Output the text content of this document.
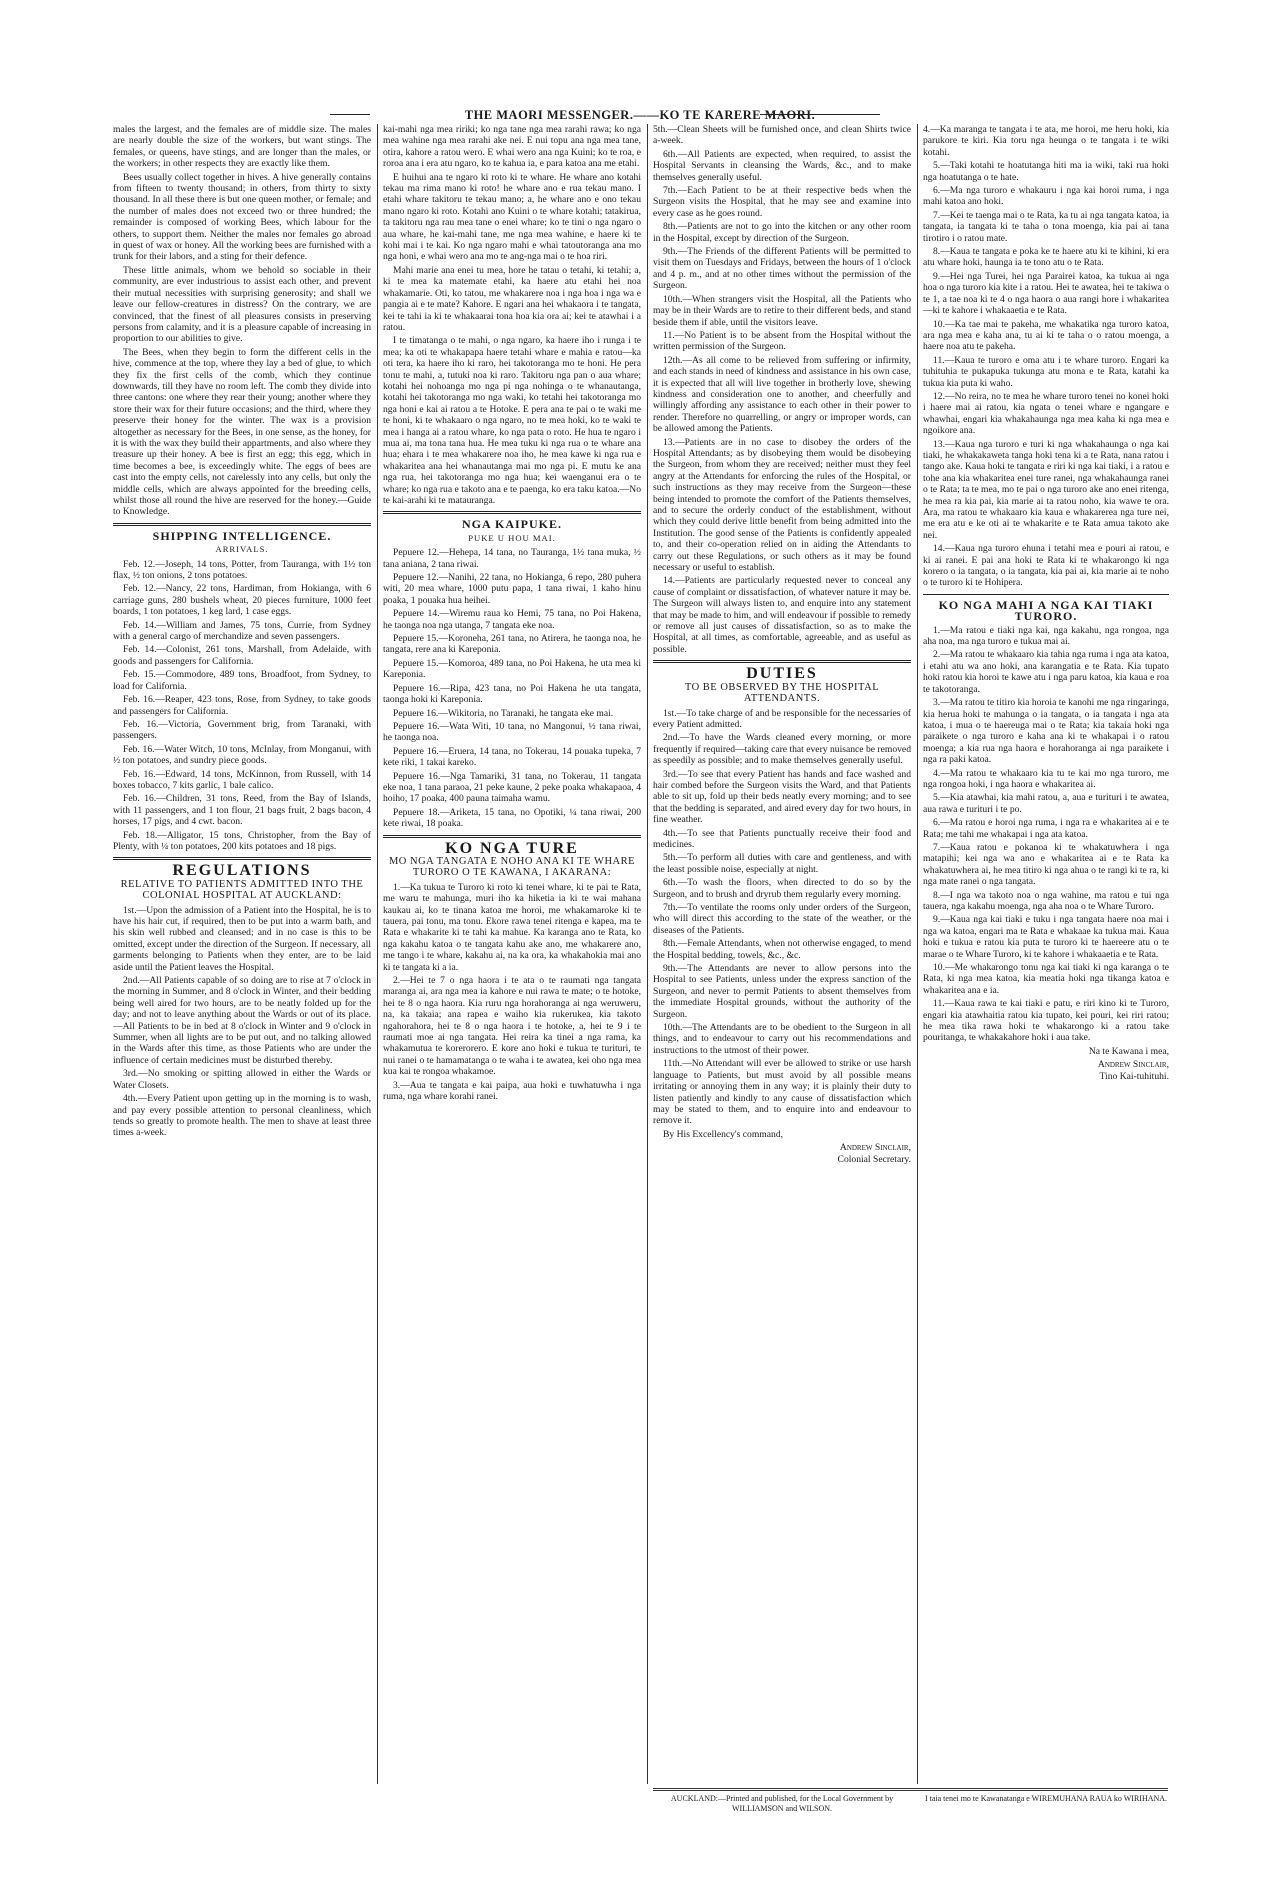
THE MAORI MESSENGER.——KO TE KARERE MAORI.

males the largest, and the females are of middle size. The males are nearly double the size of the workers, but want stings. The females, or queens, have stings, and are longer than the males, or the workers; in other respects they are exactly like them.

Bees usually collect together in hives. A hive generally contains from fifteen to twenty thousand; in others, from thirty to sixty thousand. In all these there is but one queen mother, or female; and the number of males does not exceed two or three hundred; the remainder is composed of working Bees, which labour for the others, to support them. Neither the males nor females go abroad in quest of wax or honey. All the working bees are furnished with a trunk for their labors, and a sting for their defence.

These little animals, whom we behold so sociable in their community, are ever industrious to assist each other, and prevent their mutual necessities with surprising generosity; and shall we leave our fellow-creatures in distress? On the contrary, we are convinced, that the finest of all pleasures consists in preserving persons from calamity, and it is a pleasure capable of increasing in proportion to our abilities to give.

The Bees, when they begin to form the different cells in the hive, commence at the top, where they lay a bed of glue, to which they fix the first cells of the comb, which they continue downwards, till they have no room left. The comb they divide into three cantons: one where they rear their young; another where they store their wax for their future occasions; and the third, where they preserve their honey for the winter. The wax is a provision altogether as necessary for the Bees, in one sense, as the honey, for it is with the wax they build their appartments, and also where they treasure up their honey. A bee is first an egg; this egg, which in time becomes a bee, is exceedingly white. The eggs of bees are cast into the empty cells, not carelessly into any cells, but only the middle cells, which are always appointed for the breeding cells, whilst those all round the hive are reserved for the honey.—Guide to Knowledge.

SHIPPING INTELLIGENCE.
ARRIVALS.

Feb. 12.—Joseph, 14 tons, Potter, from Tauranga, with 1½ ton flax, ½ ton onions, 2 tons potatoes.

Feb. 12.—Nancy, 22 tons, Hardiman, from Hokianga, with 6 carriage guns, 280 bushels wheat, 20 pieces furniture, 1000 feet boards, 1 ton potatoes, 1 keg lard, 1 case eggs.

Feb. 14.—William and James, 75 tons, Currie, from Sydney with a general cargo of merchandize and seven passengers.

Feb. 14.—Colonist, 261 tons, Marshall, from Adelaide, with goods and passengers for California.

Feb. 15.—Commodore, 489 tons, Broadfoot, from Sydney, to load for California.

Feb. 16.—Reaper, 423 tons, Rose, from Sydney, to take goods and passengers for California.

Feb. 16.—Victoria, Government brig, from Taranaki, with passengers.

Feb. 16.—Water Witch, 10 tons, McInlay, from Monganui, with ½ ton potatoes, and sundry piece goods.

Feb. 16.—Edward, 14 tons, McKinnon, from Russell, with 14 boxes tobacco, 7 kits garlic, 1 bale calico.

Feb. 16.—Children, 31 tons, Reed, from the Bay of Islands, with 11 passengers, and 1 ton flour, 21 bags fruit, 2 bags bacon, 4 horses, 17 pigs, and 4 cwt. bacon.

Feb. 18.—Alligator, 15 tons, Christopher, from the Bay of Plenty, with ¼ ton potatoes, 200 kits potatoes and 18 pigs.

REGULATIONS
RELATIVE TO PATIENTS ADMITTED INTO THE COLONIAL HOSPITAL AT AUCKLAND:

1st.—Upon the admission of a Patient into the Hospital, he is to have his hair cut, if required, then to be put into a warm bath, and his skin well rubbed and cleansed; and in no case is this to be omitted, except under the direction of the Surgeon. If necessary, all garments belonging to Patients when they enter, are to be laid aside until the Patient leaves the Hospital.

2nd.—All Patients capable of so doing are to rise at 7 o'clock in the morning in Summer, and 8 o'clock in Winter, and their bedding being well aired for two hours, are to be neatly folded up for the day; and not to leave anything about the Wards or out of its place.—All Patients to be in bed at 8 o'clock in Winter and 9 o'clock in Summer, when all lights are to be put out, and no talking allowed in the Wards after this time, as those Patients who are under the influence of certain medicines must be disturbed thereby.

3rd.—No smoking or spitting allowed in either the Wards or Water Closets.

4th.—Every Patient upon getting up in the morning is to wash, and pay every possible attention to personal cleanliness, which tends so greatly to promote health. The men to shave at least three times a-week.

kai-mahi nga mea ririki; ko nga tane nga mea rarahi rawa; ko nga mea wahine nga mea rarahi ake nei. E nui topu ana nga mea tane, otira, kahore a ratou wero. E whai wero ana nga Kuini; ko te roa, e roroa ana i era atu ngaro, ko te kahua ia, e para katoa ana me etahi.

E huihui ana te ngaro ki roto ki te whare. He whare ano kotahi tekau ma rima mano ki roto! he whare ano e rua tekau mano. I etahi whare takitoru te tekau mano; a, he whare ano e ono tekau mano ngaro ki roto. Kotahi ano Kuini o te whare kotahi; tatakirua, ta takitoru nga rau mea tane o enei whare; ko te tini o nga ngaro o aua whare, he kai-mahi tane, me nga mea wahine, e haere ki te kohi mai i te kai. Ko nga ngaro mahi e whai tatoutoranga ana mo nga honi, e whai wero ana mo te ang-nga mai o te hoa riri.

Mahi marie ana enei tu mea, hore he tatau o tetahi, ki tetahi; a, ki te mea ka matemate etahi, ka haere atu etahi hei noa whakamarie. Oti, ko tatou, me whakarere noa i nga hoa i nga wa e pangia ai e te mate? Kahore. E ngari ana hei whakaora i te tangata, kei te tahi ia ki te whakaarai tona hoa kia ora ai; kei te atawhai i a ratou.

I te timatanga o te mahi, o nga ngaro, ka haere iho i runga i te mea; ka oti te whakapapa haere tetahi whare e mahia e ratou—ka oti tera, ka haere iho ki raro, hei takotoranga mo te honi. He pera tonu te mahi, a, tutuki noa ki raro. Takitoru nga pan o aua whare; kotahi hei nohoanga mo nga pi nga nohinga o te whanautanga, kotahi hei takotoranga mo nga waki, ko tetahi hei takotoranga mo nga honi e kai ai ratou a te Hotoke. E pera ana te pai o te waki me te honi, ki te whakaaro o nga ngaro, no te mea hoki, ko te waki te mea i hanga ai a ratou whare, ko nga pata o roto. He hua te ngaro i mua ai, ma tona tana hua. He mea tuku ki nga rua o te whare ana hua; ehara i te mea whakarere noa iho, he mea kawe ki nga rua e whakaritea ana hei whanautanga mai mo nga pi. E mutu ke ana nga rua, hei takotoranga mo nga hua; kei waenganui era o te whare; ko nga rua e takoto ana e te paenga, ko era taku katoa.—No te kai-arahi ki te matauranga.

NGA KAIPUKE.
PUKE U HOU MAI.

Pepuere 12.—Hehepa, 14 tana, no Tauranga, 1½ tana muka, ½ tana aniana, 2 tana riwai.

Pepuere 12.—Nanihi, 22 tana, no Hokianga, 6 repo, 280 puhera witi, 20 mea whare, 1000 putu papa, 1 tana riwai, 1 kaho hinu poaka, 1 pouaka hua heihei.

Pepuere 14.—Wiremu raua ko Hemi, 75 tana, no Poi Hakena, he taonga noa nga utanga, 7 tangata eke noa.

Pepuere 15.—Koroneha, 261 tana, no Atirera, he taonga noa, he tangata, rere ana ki Kareponia.

Pepuere 15.—Komoroa, 489 tana, no Poi Hakena, he uta mea ki Kareponia.

Pepuere 16.—Ripa, 423 tana, no Poi Hakena he uta tangata, taonga hoki ki Kareponia.

Pepuere 16.—Wikitoria, no Taranaki, he tangata eke mai.

Pepuere 16.—Wata Witi, 10 tana, no Mangonui, ½ tana riwai, he taonga noa.

Pepuere 16.—Eruera, 14 tana, no Tokerau, 14 pouaka tupeka, 7 kete riki, 1 takai kareko.

Pepuere 16.—Nga Tamariki, 31 tana, no Tokerau, 11 tangata eke noa, 1 tana paraoa, 21 peke kaune, 2 peke poaka whakapaoa, 4 hoiho, 17 poaka, 400 pauna taimaha wamu.

Pepuere 18.—Ariketa, 15 tana, no Opotiki, ¼ tana riwai, 200 kete riwai, 18 poaka.

KO NGA TURE
MO NGA TANGATA E NOHO ANA KI TE WHARE TURORO O TE KAWANA, I AKARANA:

1.—Ka tukua te Turoro ki roto ki tenei whare, ki te pai te Rata, me waru te mahunga, muri iho ka hiketia ia ki te wai mahana kaukau ai, ko te tinana katoa me horoi, me whakamaroke ki te tauera, pai tonu, ma tonu. Ekore rawa tenei ritenga e kapea, ma te Rata e whakarite ki te tahi ka mahue. Ka karanga ano te Rata, ko nga kakahu katoa o te tangata kahu ake ano, me whakarere ano, me tango i te whare, kakahu ai, na ka ora, ka whakahokia mai ano ki te tangata ki a ia.

2.—Hei te 7 o nga haora i te ata o te raumati nga tangata maranga ai, ara nga mea ia kahore e nui rawa te mate; o te hotoke, hei te 8 o nga haora. Kia ruru nga horahoranga ai nga weruweru, na, ka takaia; ana rapea e waiho kia rukerukea, kia takoto ngahorahora, hei te 8 o nga haora i te hotoke, a, hei te 9 i te raumati moe ai nga tangata. Hei reira ka tinei a nga rama, ka whakamutua te korerorero. E kore ano hoki e tukua te turituri, te nui ranei o te hamamatanga o te waha i te awatea, kei oho nga mea kua kai te rongoa whakamoe.

3.—Aua te tangata e kai paipa, aua hoki e tuwhatuwha i nga ruma, nga whare korahi ranei.

5th.—Clean Sheets will be furnished once, and clean Shirts twice a-week.

6th.—All Patients are expected, when required, to assist the Hospital Servants in cleansing the Wards, &c., and to make themselves generally useful.

7th.—Each Patient to be at their respective beds when the Surgeon visits the Hospital, that he may see and examine into every case as he goes round.

8th.—Patients are not to go into the kitchen or any other room in the Hospital, except by direction of the Surgeon.

9th.—The Friends of the different Patients will be permitted to visit them on Tuesdays and Fridays, between the hours of 1 o'clock and 4 p. m., and at no other times without the permission of the Surgeon.

10th.—When strangers visit the Hospital, all the Patients who may be in their Wards are to retire to their different beds, and stand beside them if able, until the visitors leave.

11.—No Patient is to be absent from the Hospital without the written permission of the Surgeon.

12th.—As all come to be relieved from suffering or infirmity, and each stands in need of kindness and assistance in his own case, it is expected that all will live together in brotherly love, shewing kindness and consideration one to another, and cheerfully and willingly affording any assistance to each other in their power to render. Therefore no quarrelling, or angry or improper words, can be allowed among the Patients.

13.—Patients are in no case to disobey the orders of the Hospital Attendants; as by disobeying them would be disobeying the Surgeon, from whom they are received; neither must they feel angry at the Attendants for enforcing the rules of the Hospital, or such instructions as they may receive from the Surgeon—these being intended to promote the comfort of the Patients themselves, and to secure the orderly conduct of the establishment, without which they could derive little benefit from being admitted into the Institution. The good sense of the Patients is confidently appealed to, and their co-operation relied on in aiding the Attendants to carry out these Regulations, or such others as it may be found necessary or useful to establish.

14.—Patients are particularly requested never to conceal any cause of complaint or dissatisfaction, of whatever nature it may be. The Surgeon will always listen to, and enquire into any statement that may be made to him, and will endeavour if possible to remedy or remove all just causes of dissatisfaction, so as to make the Hospital, at all times, as comfortable, agreeable, and as useful as possible.

DUTIES
TO BE OBSERVED BY THE HOSPITAL ATTENDANTS.

1st.—To take charge of and be responsible for the necessaries of every Patient admitted.

2nd.—To have the Wards cleaned every morning, or more frequently if required—taking care that every nuisance be removed as speedily as possible; and to make themselves generally useful.

3rd.—To see that every Patient has hands and face washed and hair combed before the Surgeon visits the Ward, and that Patients able to sit up, fold up their beds neatly every morning; and to see that the bedding is separated, and aired every day for two hours, in fine weather.

4th.—To see that Patients punctually receive their food and medicines.

5th.—To perform all duties with care and gentleness, and with the least possible noise, especially at night.

6th.—To wash the floors, when directed to do so by the Surgeon, and to brush and dryrub them regularly every morning.

7th.—To ventilate the rooms only under orders of the Surgeon, who will direct this according to the state of the weather, or the diseases of the Patients.

8th.—Female Attendants, when not otherwise engaged, to mend the Hospital bedding, towels, &c., &c.

9th.—The Attendants are never to allow persons into the Hospital to see Patients, unless under the express sanction of the Surgeon, and never to permit Patients to absent themselves from the immediate Hospital grounds, without the authority of the Surgeon.

10th.—The Attendants are to be obedient to the Surgeon in all things, and to endeavour to carry out his recommendations and instructions to the utmost of their power.

11th.—No Attendant will ever be allowed to strike or use harsh language to Patients, but must avoid by all possible means irritating or annoying them in any way; it is plainly their duty to listen patiently and kindly to any cause of dissatisfaction which may be stated to them, and to enquire into and endeavour to remove it.

By His Excellency's command,

Andrew Sinclair,
Colonial Secretary.

4.—Ka maranga te tangata i te ata, me horoi, me heru hoki, kia parukore te kiri. Kia toru nga heunga o te tangata i te wiki kotahi.

5.—Taki kotahi te hoatutanga hiti ma ia wiki, taki rua hoki nga hoatutanga o te hate.

6.—Ma nga turoro e whakauru i nga kai horoi ruma, i nga mahi katoa ano hoki.

7.—Kei te taenga mai o te Rata, ka tu ai nga tangata katoa, ia tangata, ia tangata ki te taha o tona moenga, kia pai ai tana tirotiro i o ratou mate.

8.—Kaua te tangata e poka ke te haere atu ki te kihini, ki era atu whare hoki, haunga ia te tono atu o te Rata.

9.—Hei nga Turei, hei nga Parairei katoa, ka tukua ai nga hoa o nga turoro kia kite i a ratou. Hei te awatea, hei te takiwa o te 1, a tae noa ki te 4 o nga haora o aua rangi hore i whakaritea—ki te kahore i whakaaetia e te Rata.

10.—Ka tae mai te pakeha, me whakatika nga turoro katoa, ara nga mea e kaha ana, tu ai ki te taha o o ratou moenga, a haere noa atu te pakeha.

11.—Kaua te turoro e oma atu i te whare turoro. Engari ka tuhituhia te pukapuka tukunga atu mona e te Rata, katahi ka tukua kia puta ki waho.

12.—No reira, no te mea he whare turoro tenei no konei hoki i haere mai ai ratou, kia ngata o tenei whare e ngangare e whawhai, engari kia whakahaunga nga mea kaha ki nga mea e ngoikore ana.

13.—Kaua nga turoro e turi ki nga whakahaunga o nga kai tiaki, he whakakaweta tanga hoki tena ki a te Rata, nana ratou i tango ake. Kaua hoki te tangata e riri ki nga kai tiaki, i a ratou e tohe ana kia whakaritea enei ture ranei, nga whakahaunga ranei o te Rata; ta te mea, mo te pai o nga turoro ake ano enei ritenga, he mea ra kia pai, kia marie ai ta ratou noho, kia wawe te ora. Ara, ma ratou te whakaaro kia kaua e whakarerea nga ture nei, me era atu e ke oti ai te whakarite e te Rata amua takoto ake nei.

14.—Kaua nga turoro ehuna i tetahi mea e pouri ai ratou, e ki ai ranei. E pai ana hoki te Rata ki te whakarongo ki nga korero o ia tangata, o ia tangata, kia pai ai, kia marie ai te noho o te turoro ki te Hohipera.

KO NGA MAHI A NGA KAI TIAKI TURORO.

1.—Ma ratou e tiaki nga kai, nga kakahu, nga rongoa, nga aha noa, ma nga turoro e tukua mai ai.

2.—Ma ratou te whakaaro kia tahia nga ruma i nga ata katoa, i etahi atu wa ano hoki, ana karangatia e te Rata. Kia tupato hoki ratou kia horoi te kawe atu i nga paru katoa, kia kaua e roa te takotoranga.

3.—Ma ratou te titiro kia horoia te kanohi me nga ringaringa, kia heruа hoki te mahunga o ia tangata, o ia tangata i nga ata katoa, i mua o te haereuga mai o te Rata; kia takaia hoki nga paraikete o nga turoro e kaha ana ki te whakapai i o ratou moenga; a kia rua nga haora e horahoranga ai nga paraikete i nga ra paki katoa.

4.—Ma ratou te whakaaro kia tu te kai mo nga turoro, me nga rongoa hoki, i nga haora e whakaritea ai.

5.—Kia atawhai, kia mahi ratou, a, aua e turituri i te awatea, aua rawa e turituri i te po.

6.—Ma ratou e horoi nga ruma, i nga ra e whakaritea ai e te Rata; me tahi me whakapai i nga ata katoa.

7.—Kaua ratou e pokanoa ki te whakatuwhera i nga matapihi; kei nga wa ano e whakaritea ai e te Rata ka whakatuwhera ai, he mea titiro ki nga ahua o te rangi ki te ra, ki nga mate ranei o nga tangata.

8.—I nga wa takoto noa o nga wahine, ma ratou e tui nga tauera, nga kakahu moenga, nga aha noa o te Whare Turoro.

9.—Kaua nga kai tiaki e tuku i nga tangata haere noa mai i nga wa katoa, engari ma te Rata e whakaae ka tukua mai. Kaua hoki e tukua e ratou kia puta te turoro ki te haereere atu o te marae o te Whare Turoro, ki te kahore i whakaaetia e te Rata.

10.—Me whakarongo tonu nga kai tiaki ki nga karanga o te Rata, ki nga mea katoa, kia meatia hoki nga tikanga katoa e whakaritea ana e ia.

11.—Kaua rawa te kai tiaki e patu, e riri kino ki te Turoro, engari kia atawhaitia ratou kia tupato, kei pouri, kei riri ratou; he mea tika rawa hoki te whakarongo ki a ratou take pouritanga, te whakakahore hoki i aua take.

Na te Kawana i mea,
Andrew Sinclair,
Tino Kai-tuhituhi.
AUCKLAND:—Printed and published, for the Local Government by WILLIAMSON and WILSON.
I taia tenei mo te Kawanatanga e WIREMUHANA RAUA ko WIRIHANA.
